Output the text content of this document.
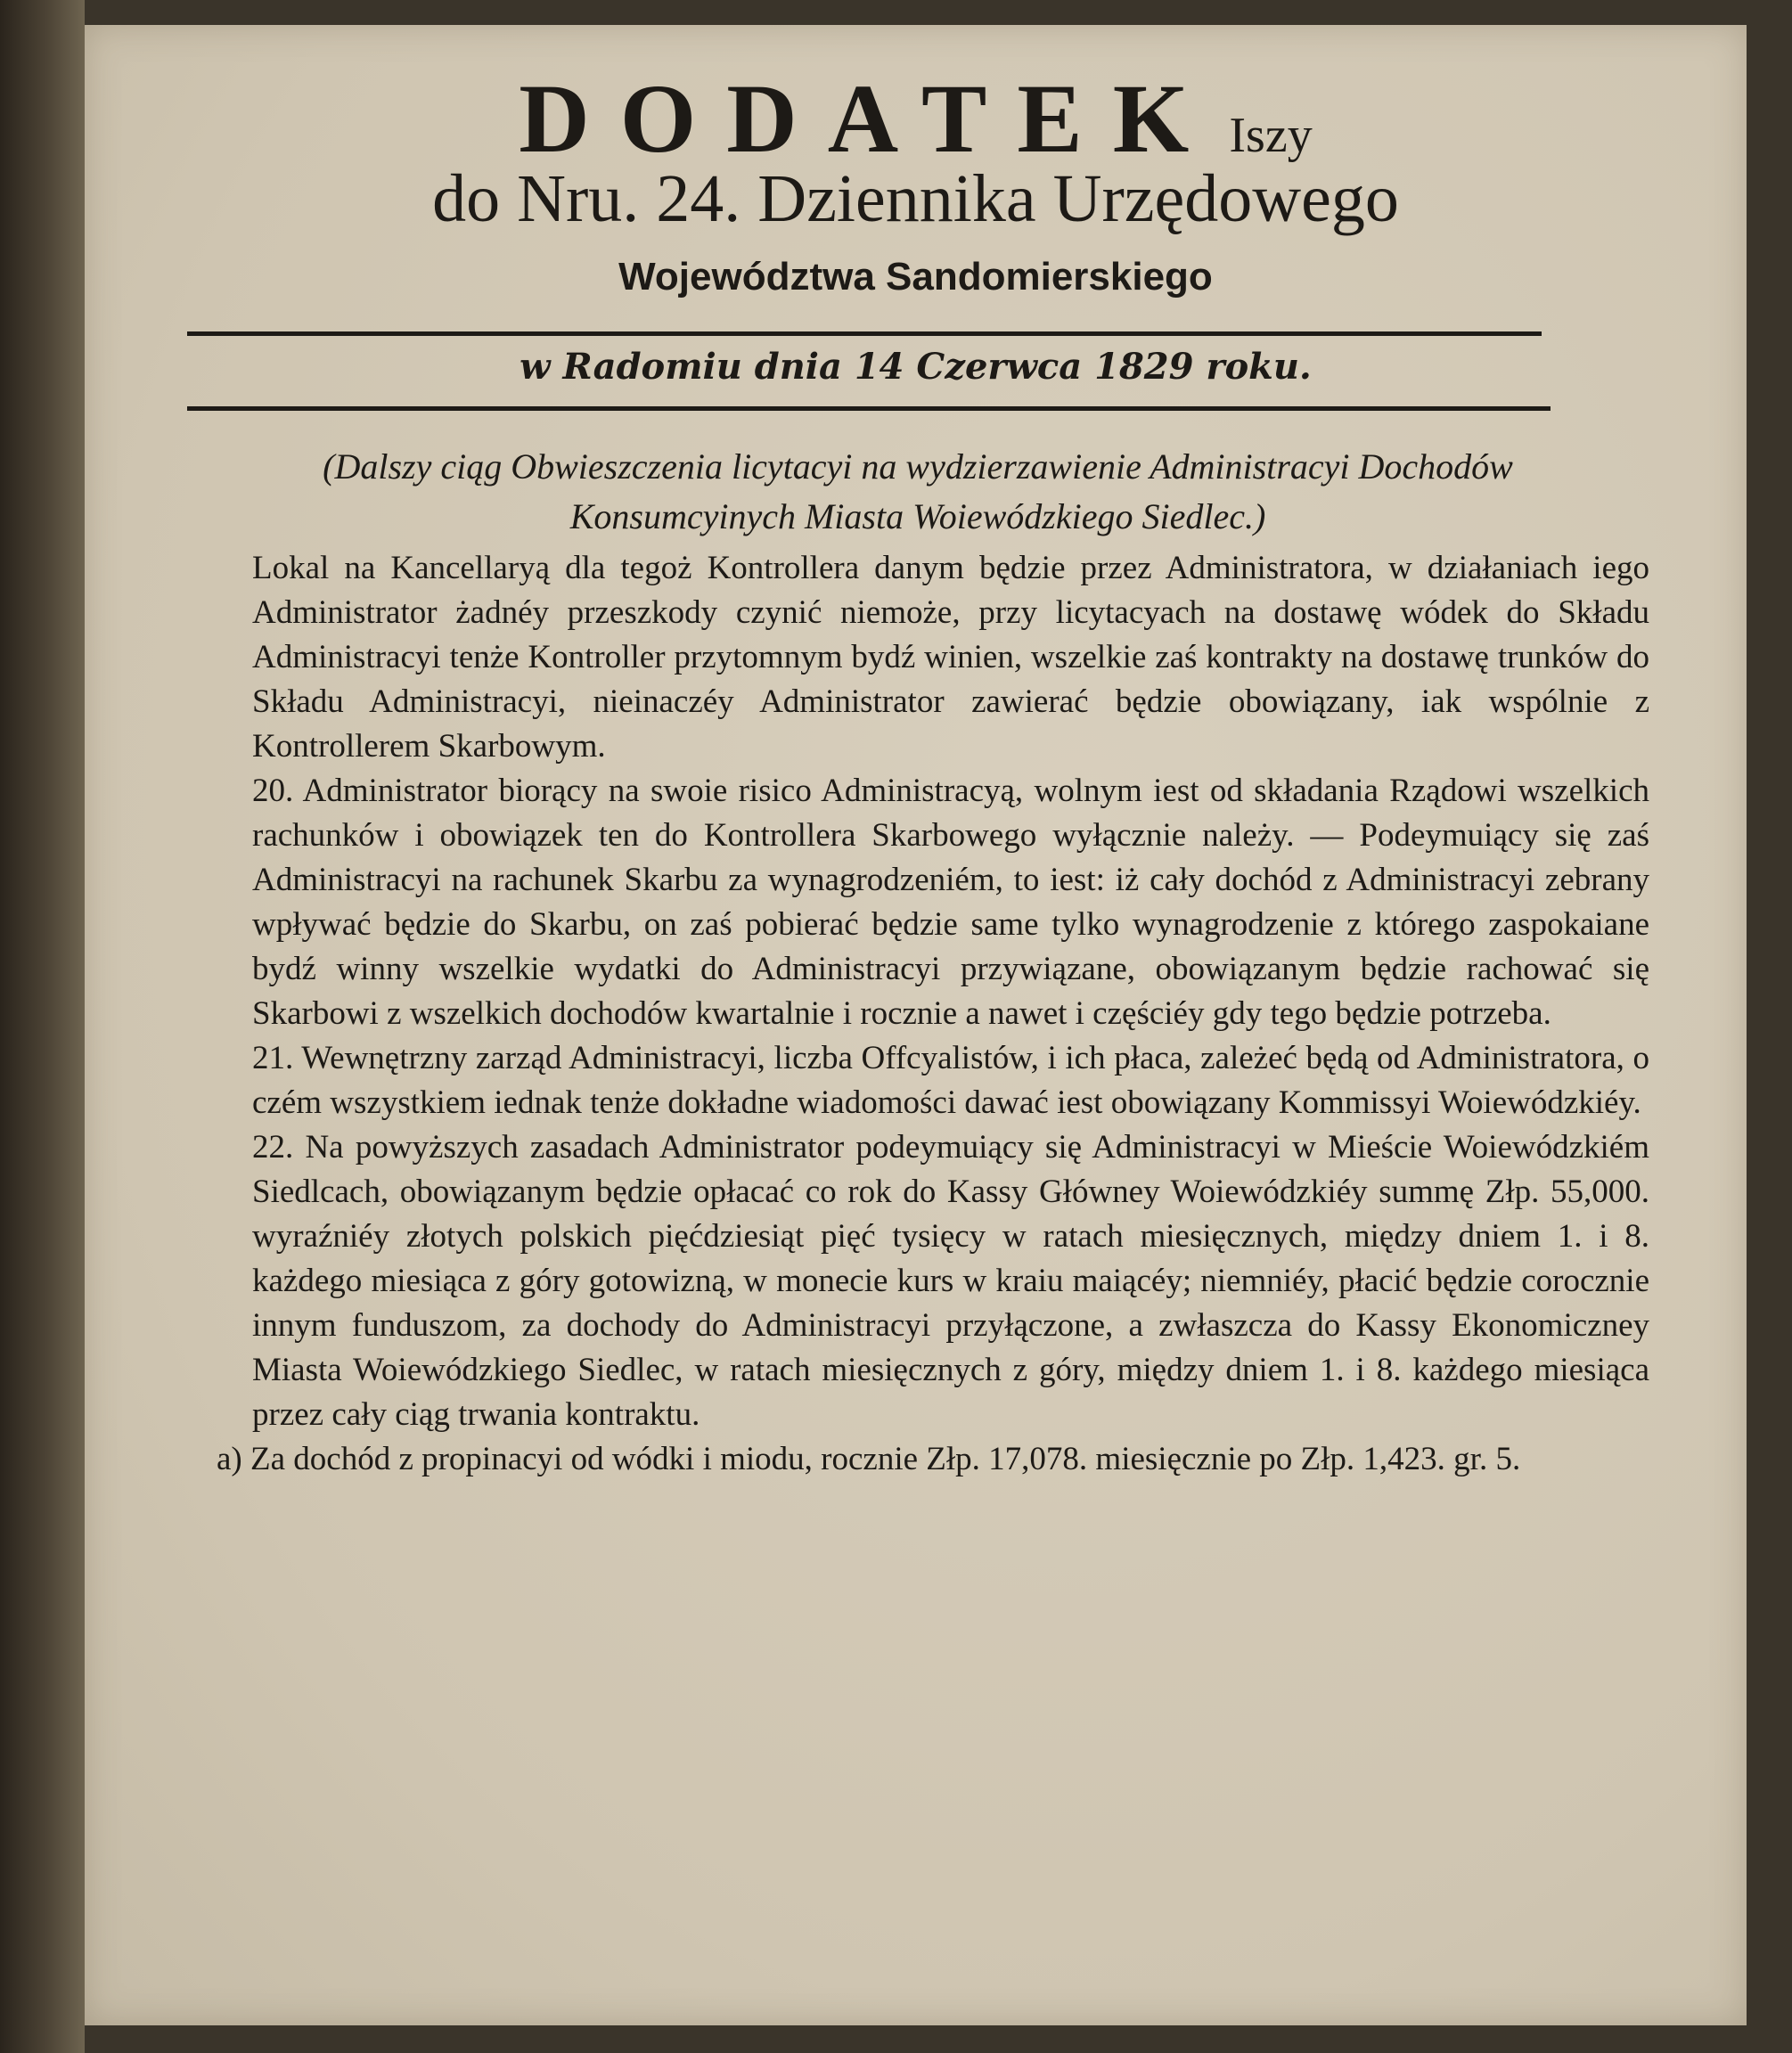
DODATEK Iszy
do Nru. 24. Dziennika Urzędowego
Województwa Sandomierskiego
w Radomiu dnia 14 Czerwca 1829 roku.
(Dalszy ciąg Obwieszczenia licytacyi na wydzierzawienie Administracyi Dochodów Konsumcyinych Miasta Woiewódzkiego Siedlec.)

Lokal na Kancellaryą dla tegoż Kontrollera danym będzie przez Administratora, w działaniach iego Administrator żadnéy przeszkody czynić niemoże, przy licytacyach na dostawę wódek do Składu Administracyi tenże Kontroller przytomnym bydź winien, wszelkie zaś kontrakty na dostawę trunków do Składu Administracyi, nieinaczéy Administrator zawierać będzie obowiązany, iak wspólnie z Kontrollerem Skarbowym.

20. Administrator biorący na swoie risico Administracyą, wolnym iest od składania Rządowi wszelkich rachunków i obowiązek ten do Kontrollera Skarbowego wyłącznie należy. — Podeymuiący się zaś Administracyi na rachunek Skarbu za wynagrodzeniém, to iest: iż cały dochód z Administracyi zebrany wpływać będzie do Skarbu, on zaś pobierać będzie same tylko wynagrodzenie z którego zaspokaiane bydź winny wszelkie wydatki do Administracyi przywiązane, obowiązanym będzie rachować się Skarbowi z wszelkich dochodów kwartalnie i rocznie a nawet i częściéy gdy tego będzie potrzeba.

21. Wewnętrzny zarząd Administracyi, liczba Offcyalistów, i ich płaca, zależeć będą od Administratora, o czém wszystkiem iednak tenże dokładne wiadomości dawać iest obowiązany Kommissyi Woiewódzkiéy.

22. Na powyższych zasadach Administrator podeymuiący się Administracyi w Mieście Woiewódzkiém Siedlcach, obowiązanym będzie opłacać co rok do Kassy Główney Woiewódzkiéy summę Złp. 55,000. wyraźniéy złotych polskich pięćdziesiąt pięć tysięcy w ratach miesięcznych, między dniem 1. i 8. każdego miesiąca z góry gotowizną, w monecie kurs w kraiu maiącéy; niemniéy, płacić będzie corocznie innym funduszom, za dochody do Administracyi przyłączone, a zwłaszcza do Kassy Ekonomiczney Miasta Woiewódzkiego Siedlec, w ratach miesięcznych z góry, między dniem 1. i 8. każdego miesiąca przez cały ciąg trwania kontraktu.

a) Za dochód z propinacyi od wódki i miodu, rocznie Złp. 17,078. miesięcznie po Złp. 1,423. gr. 5.
